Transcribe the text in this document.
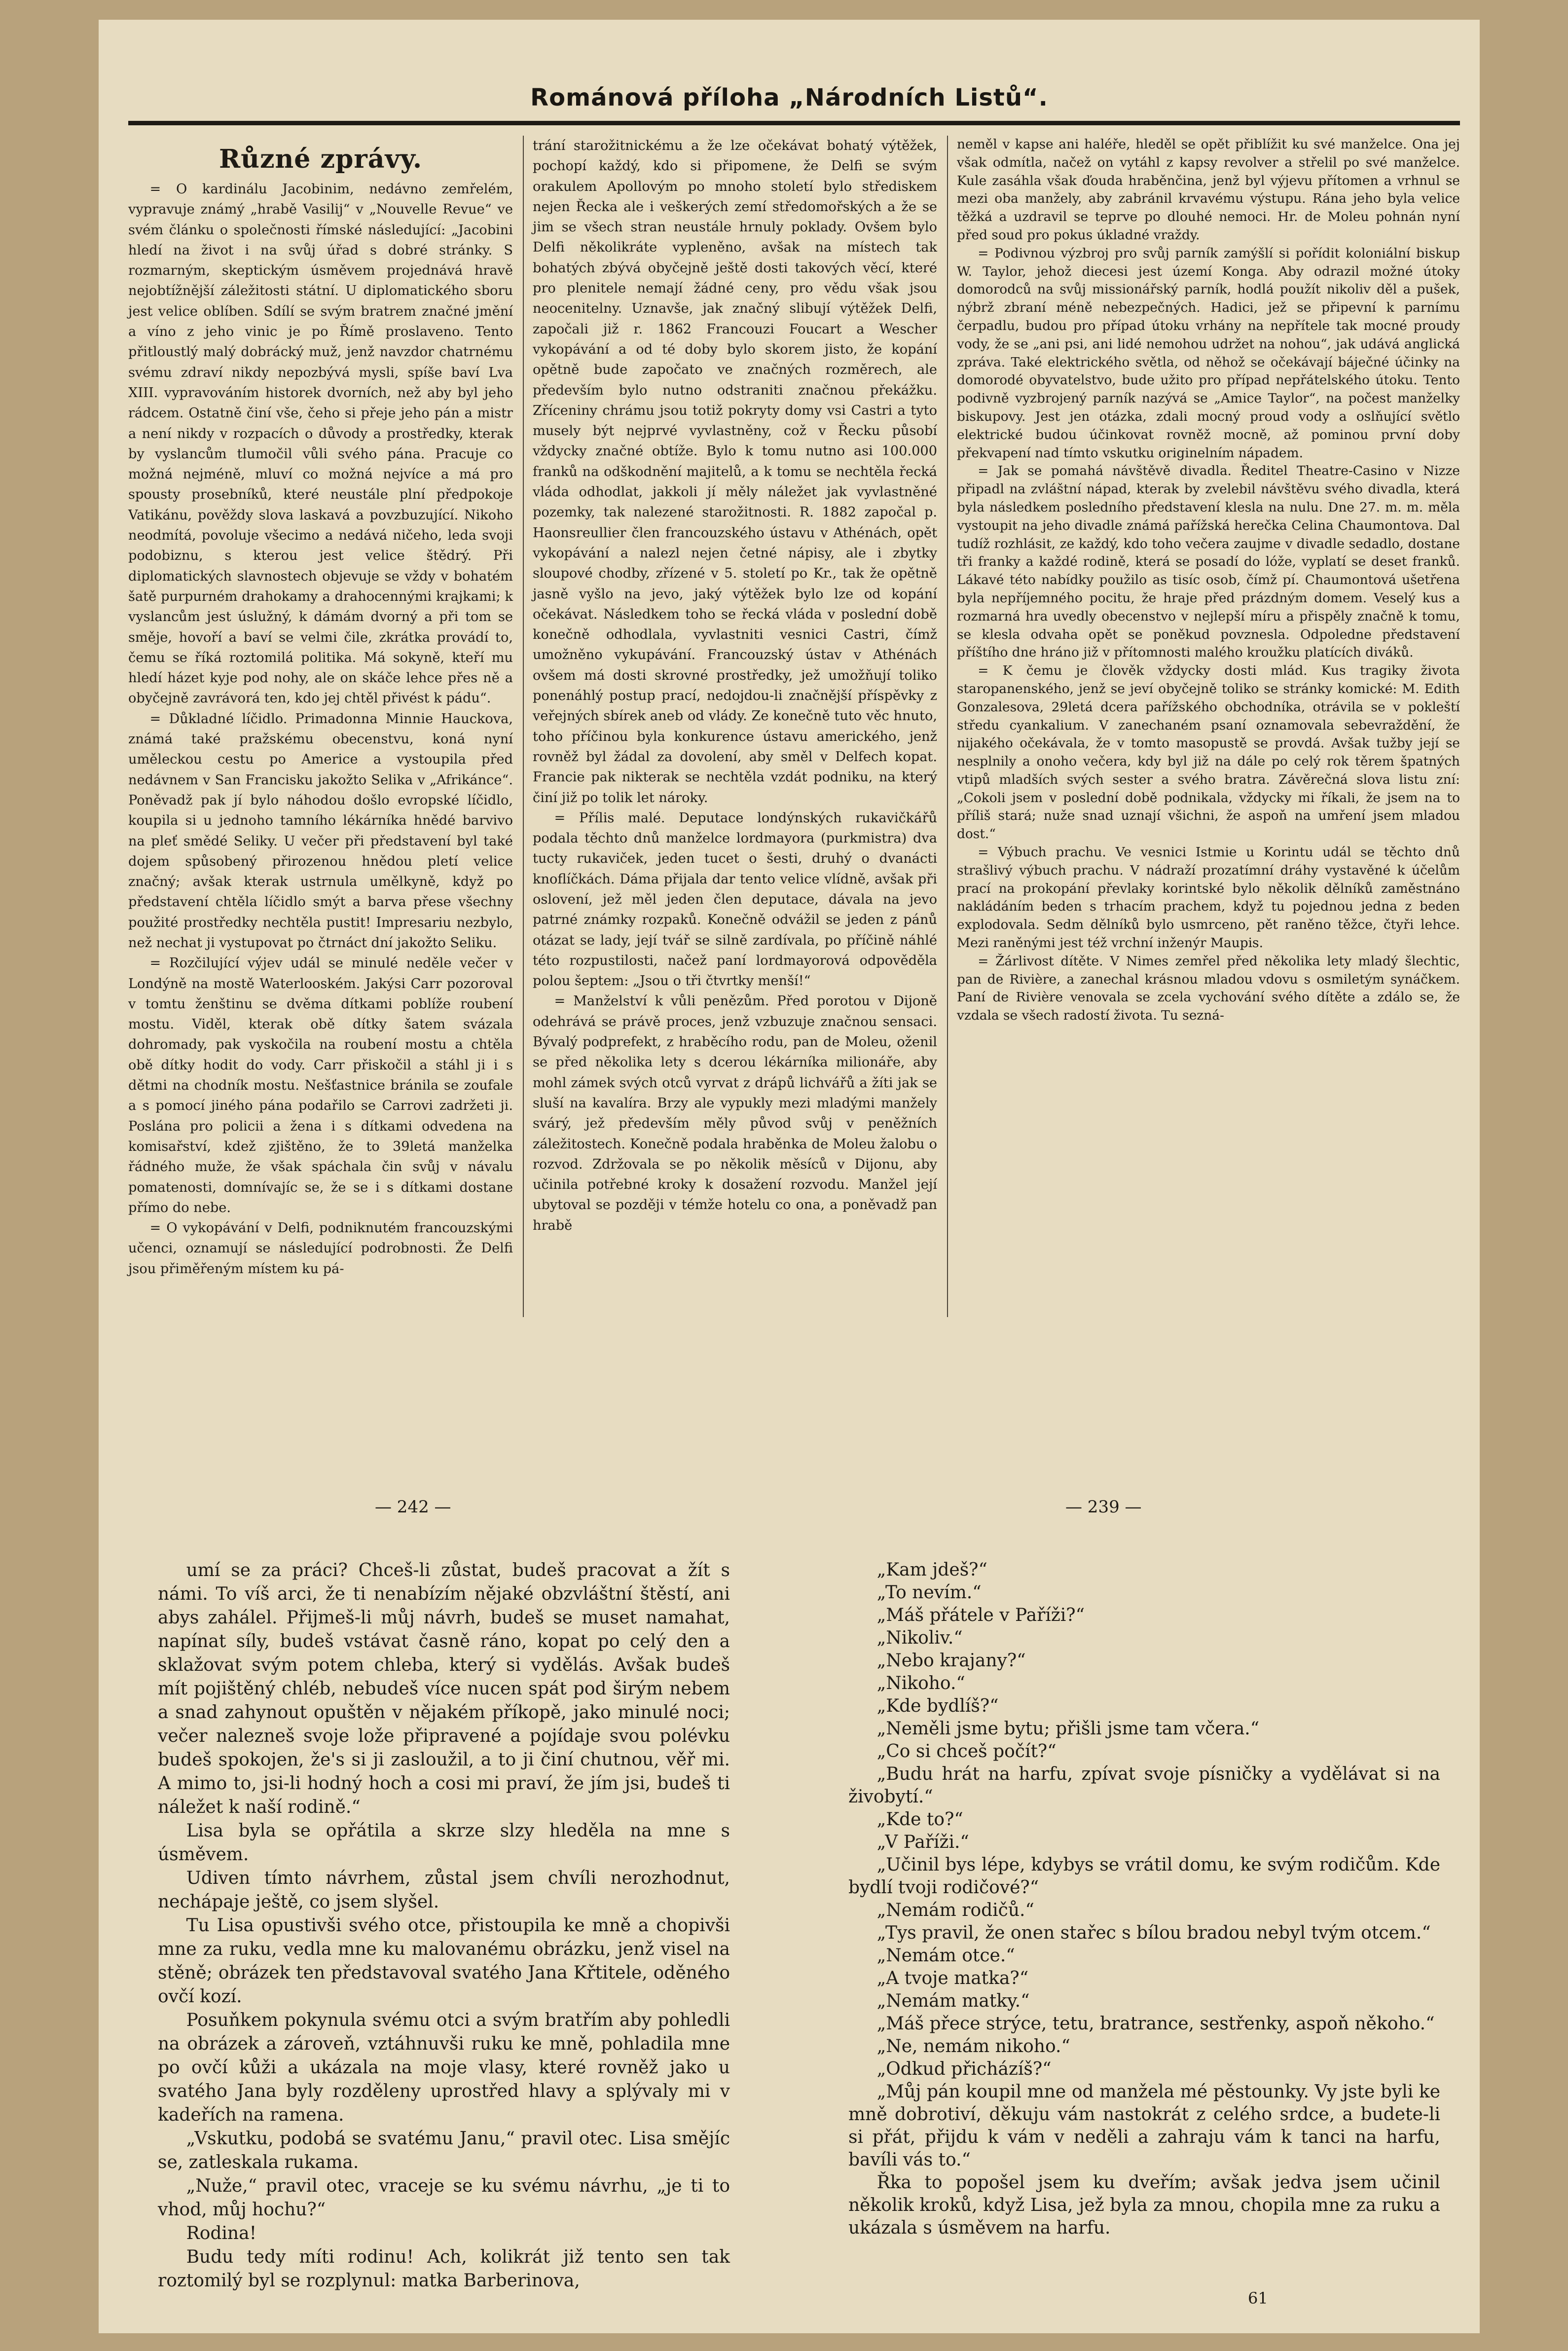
Románová příloha „Národních Listů“.
Různé zprávy.

= O kardinálu Jacobinim, nedávno zemřelém, vypravuje známý „hrabě Vasilij“ v „Nouvelle Revue“ ve svém článku o společnosti římské následující: „Jacobini hledí na život i na svůj úřad s dobré stránky. S rozmarným, skeptickým úsměvem projednává hravě nejobtížnější záležitosti státní. U diplomatického sboru jest velice oblíben. Sdílí se svým bratrem značné jmění a víno z jeho vinic je po Římě proslaveno. Tento přitloustlý malý dobrácký muž, jenž navzdor chatrnému svému zdraví nikdy nepozbývá mysli, spíše baví Lva XIII. vypravováním historek dvorních, než aby byl jeho rádcem. Ostatně činí vše, čeho si přeje jeho pán a mistr a není nikdy v rozpacích o důvody a prostředky, kterak by vyslancům tlumočil vůli svého pána. Pracuje co možná nejméně, mluví co možná nejvíce a má pro spousty prosebníků, které neustále plní předpokoje Vatikánu, pověždy slova laskavá a povzbuzující. Nikoho neodmítá, povoluje všecimo a nedává ničeho, leda svoji podobiznu, s kterou jest velice štědrý. Při diplomatických slavnostech objevuje se vždy v bohatém šatě purpurném drahokamy a drahocennými krajkami; k vyslancům jest úslužný, k dámám dvorný a při tom se směje, hovoří a baví se velmi čile, zkrátka provádí to, čemu se říká roztomilá politika. Má sokyně, kteří mu hledí házet kyje pod nohy, ale on skáče lehce přes ně a obyčejně zavrávorá ten, kdo jej chtěl přivést k pádu“.

= Důkladné líčidlo. Primadonna Minnie Hauckova, známá také pražskému obecenstvu, koná nyní uměleckou cestu po Americe a vystoupila před nedávnem v San Francisku jakožto Selika v „Afrikánce“. Poněvadž pak jí bylo náhodou došlo evropské líčidlo, koupila si u jednoho tamního lékárníka hnědé barvivo na pleť smědé Seliky. U večer při představení byl také dojem spůsobený přirozenou hnědou pletí velice značný; avšak kterak ustrnula umělkyně, když po představení chtěla líčidlo smýt a barva přese všechny použité prostředky nechtěla pustit! Impresariu nezbylo, než nechat ji vystupovat po čtrnáct dní jakožto Seliku.

= Rozčilující výjev udál se minulé neděle večer v Londýně na mostě Waterlooském. Jakýsi Carr pozoroval v tomtu ženštinu se dvěma dítkami poblíže roubení mostu. Viděl, kterak obě dítky šatem svázala dohromady, pak vyskočila na roubení mostu a chtěla obě dítky hodit do vody. Carr přiskočil a stáhl ji i s dětmi na chodník mostu. Nešťastnice bránila se zoufale a s pomocí jiného pána podařilo se Carrovi zadržeti ji. Poslána pro policii a žena i s dítkami odvedena na komisařství, kdež zjištěno, že to 39letá manželka řádného muže, že však spáchala čin svůj v návalu pomatenosti, domnívajíc se, že se i s dítkami dostane přímo do nebe.

= O vykopávání v Delfi, podniknutém francouzskými učenci, oznamují se následující podrobnosti. Že Delfi jsou přiměřeným místem ku pá-

trání starožitnickému a že lze očekávat bohatý výtěžek, pochopí každý, kdo si připomene, že Delfi se svým orakulem Apollovým po mnoho století bylo střediskem nejen Řecka ale i veškerých zemí středomořských a že se jim se všech stran neustále hrnuly poklady. Ovšem bylo Delfi několikráte vypleněno, avšak na místech tak bohatých zbývá obyčejně ještě dosti takových věcí, které pro plenitele nemají žádné ceny, pro vědu však jsou neocenitelny. Uznavše, jak značný slibují výtěžek Delfi, započali již r. 1862 Francouzi Foucart a Wescher vykopávání a od té doby bylo skorem jisto, že kopání opětně bude započato ve značných rozměrech, ale především bylo nutno odstraniti značnou překážku. Zříceniny chrámu jsou totiž pokryty domy vsi Castri a tyto musely být nejprvé vyvlastněny, což v Řecku působí vždycky značné obtíže. Bylo k tomu nutno asi 100.000 franků na odškodnění majitelů, a k tomu se nechtěla řecká vláda odhodlat, jakkoli jí měly náležet jak vyvlastněné pozemky, tak nalezené starožitnosti. R. 1882 započal p. Haonsreullier člen francouzského ústavu v Athénách, opět vykopávání a nalezl nejen četné nápisy, ale i zbytky sloupové chodby, zřízené v 5. století po Kr., tak že opětně jasně vyšlo na jevo, jaký výtěžek bylo lze od kopání očekávat. Následkem toho se řecká vláda v poslední době konečně odhodlala, vyvlastniti vesnici Castri, čímž umožněno vykupávání. Francouzský ústav v Athénách ovšem má dosti skrovné prostředky, jež umožňují toliko ponenáhlý postup prací, nedojdou-li značnější příspěvky z veřejných sbírek aneb od vlády. Ze konečně tuto věc hnuto, toho příčinou byla konkurence ústavu amerického, jenž rovněž byl žádal za dovolení, aby směl v Delfech kopat. Francie pak nikterak se nechtěla vzdát podniku, na který činí již po tolik let nároky.

= Přílis malé. Deputace londýnských rukavičkářů podala těchto dnů manželce lordmayora (purkmistra) dva tucty rukaviček, jeden tucet o šesti, druhý o dvanácti knoflíčkách. Dáma přijala dar tento velice vlídně, avšak při oslovení, jež měl jeden člen deputace, dávala na jevo patrné známky rozpaků. Konečně odvážil se jeden z pánů otázat se lady, její tvář se silně zardívala, po příčině náhlé této rozpustilosti, načež paní lordmayorová odpověděla polou šeptem: „Jsou o tři čtvrtky menší!“

= Manželství k vůli penězům. Před porotou v Dijoně odehrává se právě proces, jenž vzbuzuje značnou sensaci. Bývalý podprefekt, z hraběcího rodu, pan de Moleu, oženil se před několika lety s dcerou lékárníka milionáře, aby mohl zámek svých otců vyrvat z drápů lichvářů a žíti jak se sluší na kavalíra. Brzy ale vypukly mezi mladými manžely svárý, jež především měly původ svůj v peněžních záležitostech. Konečně podala hraběnka de Moleu žalobu o rozvod. Zdržovala se po několik měsíců v Dijonu, aby učinila potřebné kroky k dosažení rozvodu. Manžel její ubytoval se později v témže hotelu co ona, a poněvadž pan hrabě

neměl v kapse ani haléře, hleděl se opět přiblížit ku své manželce. Ona jej však odmítla, načež on vytáhl z kapsy revolver a střelil po své manželce. Kule zasáhla však ďouda hraběnčina, jenž byl výjevu přítomen a vrhnul se mezi oba manžely, aby zabránil krvavému výstupu. Rána jeho byla velice těžká a uzdravil se teprve po dlouhé nemoci. Hr. de Moleu pohnán nyní před soud pro pokus úkladné vraždy.

= Podivnou výzbroj pro svůj parník zamýšlí si pořídit koloniální biskup W. Taylor, jehož diecesi jest území Konga. Aby odrazil možné útoky domorodců na svůj missionářský parník, hodlá použít nikoliv děl a pušek, nýbrž zbraní méně nebezpečných. Hadici, jež se připevní k parnímu čerpadlu, budou pro případ útoku vrhány na nepřítele tak mocné proudy vody, že se „ani psi, ani lidé nemohou udržet na nohou“, jak udává anglická zpráva. Také elektrického světla, od něhož se očekávají báječné účinky na domorodé obyvatelstvo, bude užito pro případ nepřátelského útoku. Tento podivně vyzbrojený parník nazývá se „Amice Taylor“, na počest manželky biskupovy. Jest jen otázka, zdali mocný proud vody a oslňující světlo elektrické budou účinkovat rovněž mocně, až pominou první doby překvapení nad tímto vskutku originelním nápadem.

= Jak se pomahá návštěvě divadla. Ředitel Theatre-Casino v Nizze připadl na zvláštní nápad, kterak by zvelebil návštěvu svého divadla, která byla následkem posledního představení klesla na nulu. Dne 27. m. m. měla vystoupit na jeho divadle známá pařížská herečka Celina Chaumontova. Dal tudíž rozhlásit, ze každý, kdo toho večera zaujme v divadle sedadlo, dostane tři franky a každé rodině, která se posadí do lóže, vyplatí se deset franků. Lákavé této nabídky použilo as tisíc osob, čímž pí. Chaumontová ušetřena byla nepříjemného pocitu, že hraje před prázdným domem. Veselý kus a rozmarná hra uvedly obecenstvo v nejlepší míru a přispěly značně k tomu, se klesla odvaha opět se poněkud povznesla. Odpoledne představení příštího dne hráno již v přítomnosti malého kroužku platících diváků.

= K čemu je člověk vždycky dosti mlád. Kus tragiky života staropanenského, jenž se jeví obyčejně toliko se stránky komické: M. Edith Gonzalesova, 29letá dcera pařížského obchodníka, otrávila se v pokleští středu cyankalium. V zanechaném psaní oznamovala sebevraždění, že nijakého očekávala, že v tomto masopustě se provdá. Avšak tužby její se nesplnily a onoho večera, kdy byl již na dále po celý rok těrem špatných vtipů mladších svých sester a svého bratra. Závěrečná slova listu zní: „Cokoli jsem v poslední době podnikala, vždycky mi říkali, že jsem na to příliš stará; nuže snad uznají všichni, že aspoň na umření jsem mladou dost.“

= Výbuch prachu. Ve vesnici Istmie u Korintu udál se těchto dnů strašlivý výbuch prachu. V nádraží prozatímní dráhy vystavěné k účelům prací na prokopání převlaky korintské bylo několik dělníků zaměstnáno nakládáním beden s trhacím prachem, když tu pojednou jedna z beden explodovala. Sedm dělníků bylo usmrceno, pět raněno těžce, čtyři lehce. Mezi raněnými jest též vrchní inženýr Maupis.

= Žárlivost dítěte. V Nimes zemřel před několika lety mladý šlechtic, pan de Rivière, a zanechal krásnou mladou vdovu s osmiletým synáčkem. Paní de Rivière venovala se zcela vychování svého dítěte a zdálo se, že vzdala se všech radostí života. Tu sezná-

— 242 —	— 239 —

umí se za práci? Chceš-li zůstat, budeš pracovat a žít s námi. To víš arci, že ti nenabízím nějaké obzvláštní štěstí, ani abys zahálel. Přijmeš-li můj návrh, budeš se muset namahat, napínat síly, budeš vstávat časně ráno, kopat po celý den a sklažovat svým potem chleba, který si vydělás. Avšak budeš mít pojištěný chléb, nebudeš více nucen spát pod širým nebem a snad zahynout opuštěn v nějakém příkopě, jako minulé noci; večer nalezneš svoje lože připravené a pojídaje svou polévku budeš spokojen, že's si ji zasloužil, a to ji činí chutnou, věř mi. A mimo to, jsi-li hodný hoch a cosi mi praví, že jím jsi, budeš ti náležet k naší rodině.“

Lisa byla se opřátila a skrze slzy hleděla na mne s úsměvem.

Udiven tímto návrhem, zůstal jsem chvíli nerozhodnut, nechápaje ještě, co jsem slyšel.

Tu Lisa opustivši svého otce, přistoupila ke mně a chopivši mne za ruku, vedla mne ku malovanému obrázku, jenž visel na stěně; obrázek ten představoval svatého Jana Křtitele, oděného ovčí kozí.

Posuňkem pokynula svému otci a svým bratřím aby pohledli na obrázek a zároveň, vztáhnuvši ruku ke mně, pohladila mne po ovčí kůži a ukázala na moje vlasy, které rovněž jako u svatého Jana byly rozděleny uprostřed hlavy a splývaly mi v kadeřích na ramena.

„Vskutku, podobá se svatému Janu,“ pravil otec. Lisa smějíc se, zatleskala rukama.

„Nuže,“ pravil otec, vraceje se ku svému návrhu, „je ti to vhod, můj hochu?“

Rodina!

Budu tedy míti rodinu! Ach, kolikrát již tento sen tak roztomilý byl se rozplynul: matka Barberinova,

„Kam jdeš?“

„To nevím.“

„Máš přátele v Paříži?“

„Nikoliv.“

„Nebo krajany?“

„Nikoho.“

„Kde bydlíš?“

„Neměli jsme bytu; přišli jsme tam včera.“

„Co si chceš počít?“

„Budu hrát na harfu, zpívat svoje písničky a vydělávat si na živobytí.“

„Kde to?“

„V Paříži.“

„Učinil bys lépe, kdybys se vrátil domu, ke svým rodičům. Kde bydlí tvoji rodičové?“

„Nemám rodičů.“

„Tys pravil, že onen stařec s bílou bradou nebyl tvým otcem.“

„Nemám otce.“

„A tvoje matka?“

„Nemám matky.“

„Máš přece strýce, tetu, bratrance, sestřenky, aspoň někoho.“

„Ne, nemám nikoho.“

„Odkud přicházíš?“

„Můj pán koupil mne od manžela mé pěstounky. Vy jste byli ke mně dobrotiví, děkuju vám nastokrát z celého srdce, a budete-li si přát, přijdu k vám v neděli a zahraju vám k tanci na harfu, bavíli vás to.“

Řka to popošel jsem ku dveřím; avšak jedva jsem učinil několik kroků, když Lisa, jež byla za mnou, chopila mne za ruku a ukázala s úsměvem na harfu.

61
